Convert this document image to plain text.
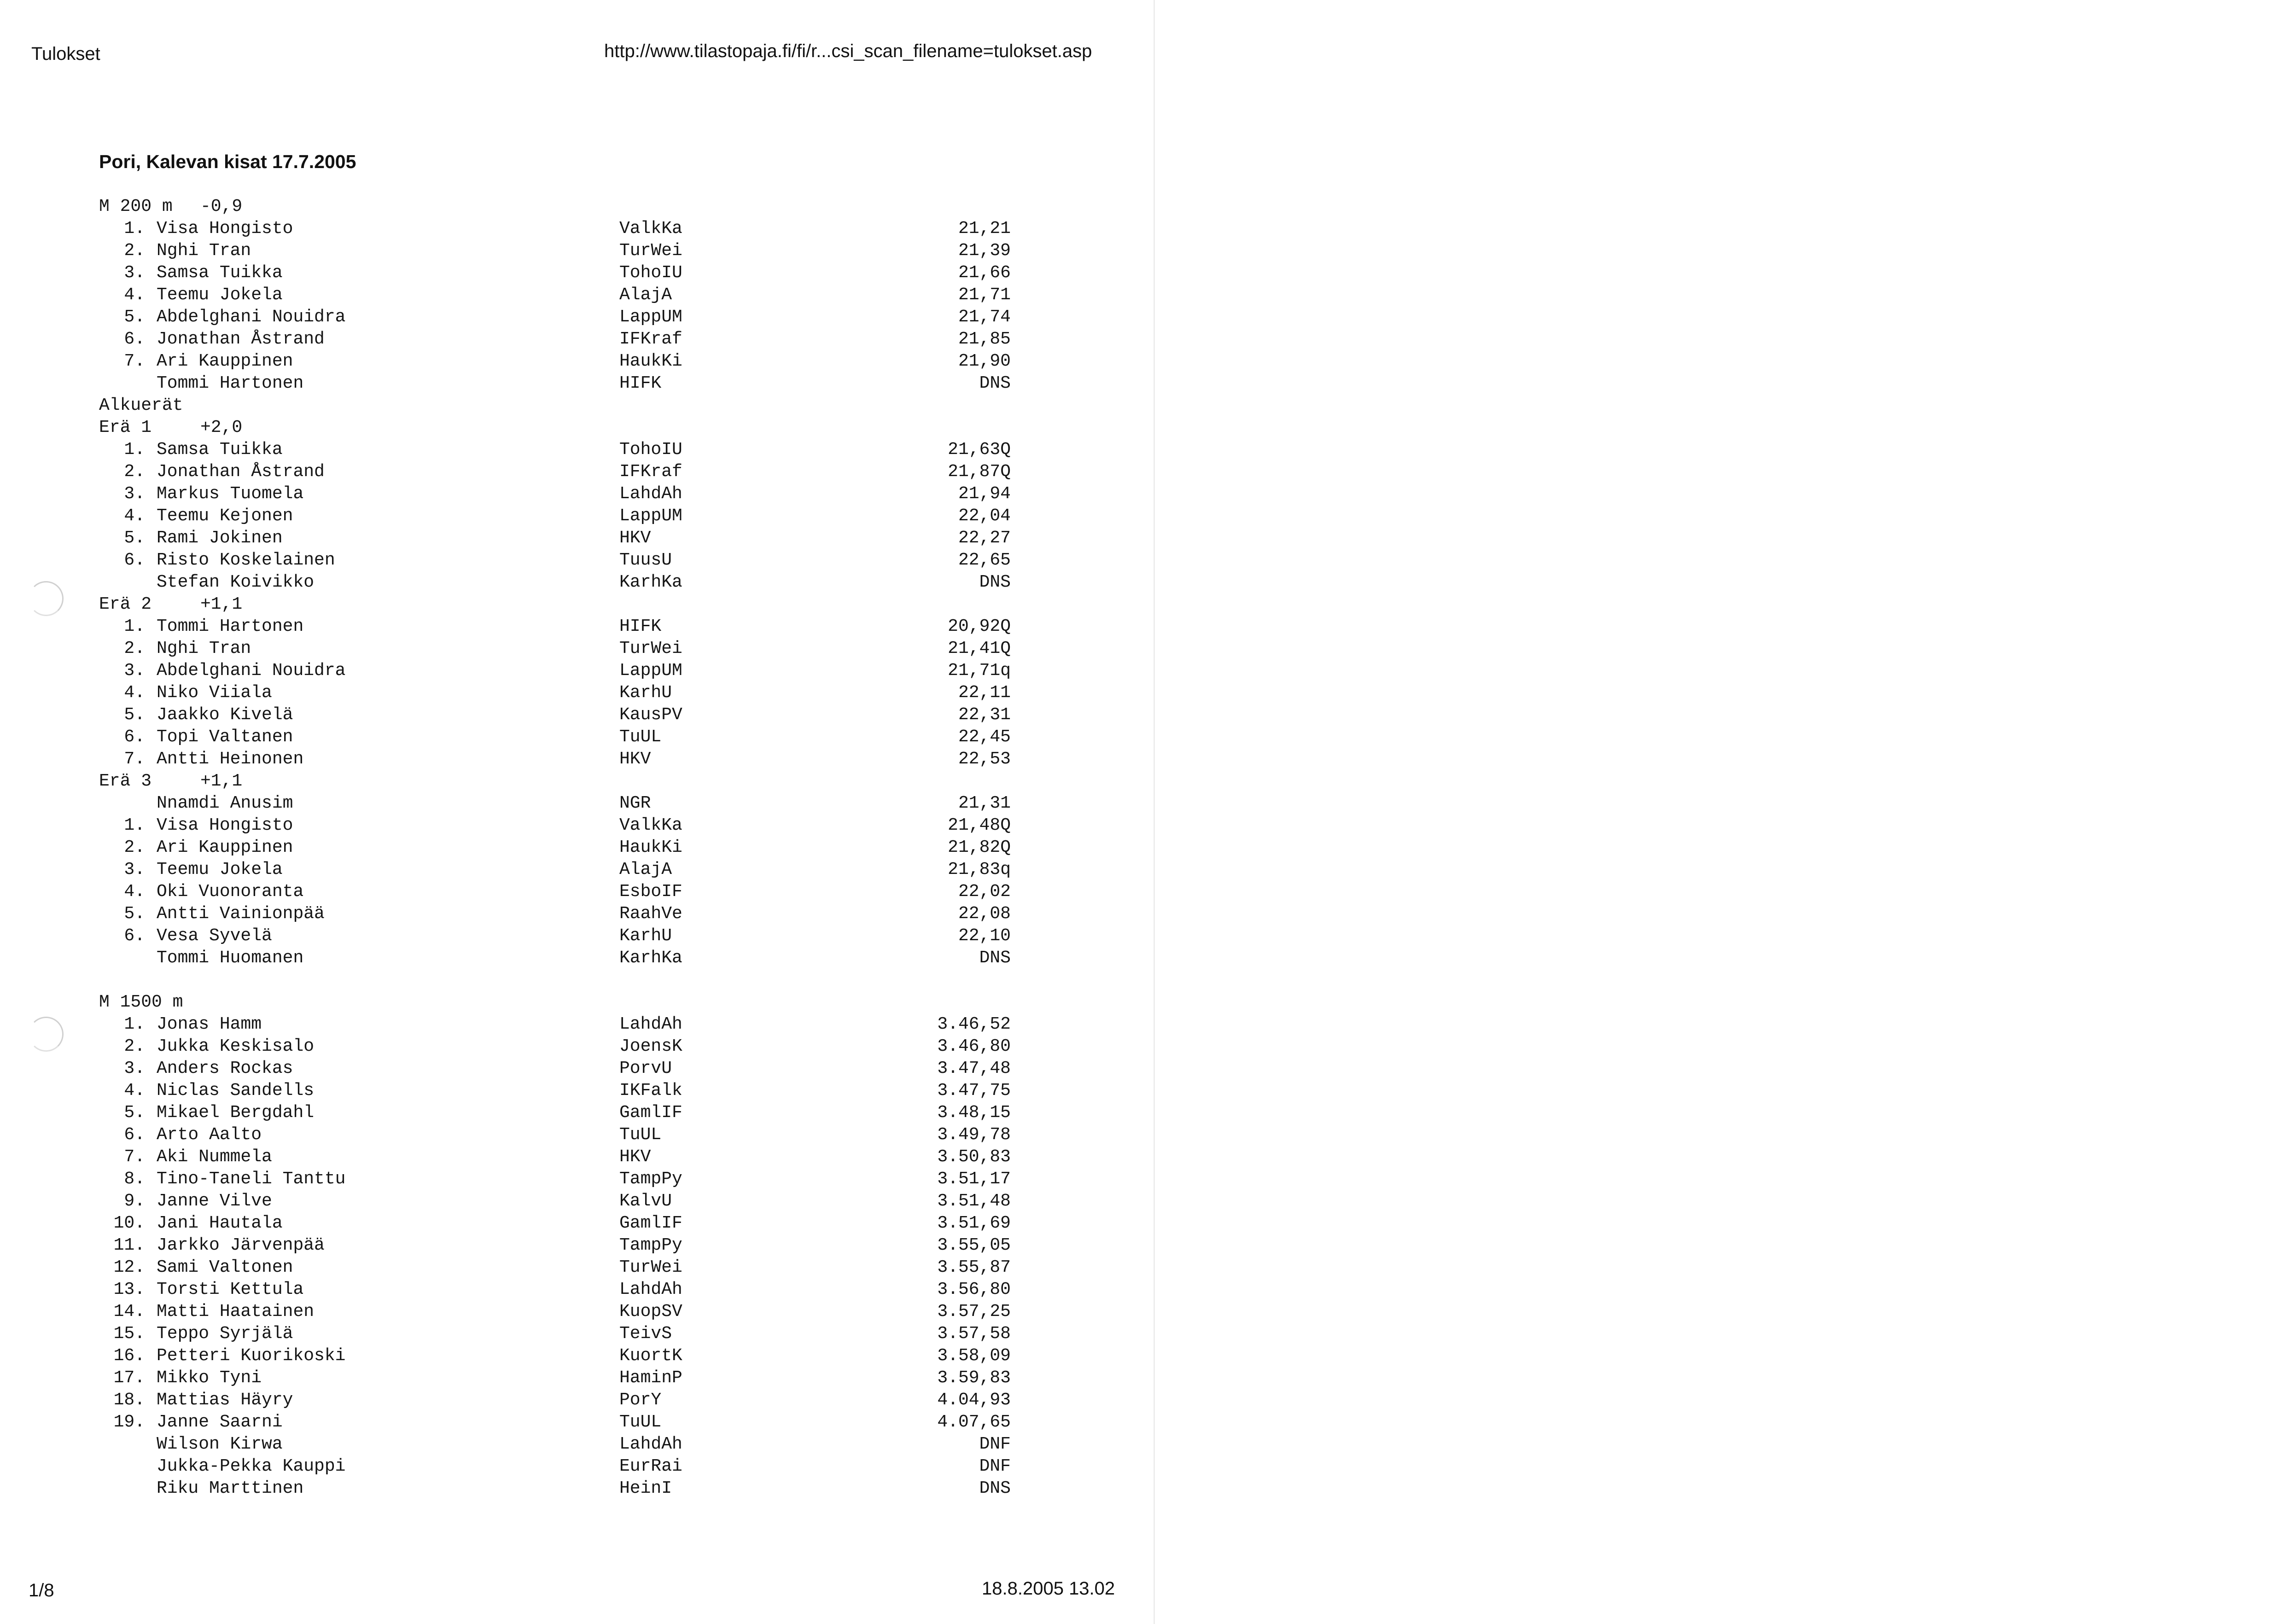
Tulokset	http://www.tilastopaja.fi/fi/r...csi_scan_filename=tulokset.asp
Pori, Kalevan kisat 17.7.2005
M 200 m -0,9
1. Visa Hongisto	ValkKa	21,21
2. Nghi Tran	TurWei	21,39
3. Samsa Tuikka	TohoIU	21,66
4. Teemu Jokela	AlajA	21,71
5. Abdelghani Nouidra	LappUM	21,74
6. Jonathan Åstrand	IFKraf	21,85
7. Ari Kauppinen	HaukKi	21,90
Tommi Hartonen	HIFK	DNS
Alkuerät
Erä 1	+2,0
1. Samsa Tuikka	TohoIU	21,63Q
2. Jonathan Åstrand	IFKraf	21,87Q
3. Markus Tuomela	LahdAh	21,94
4. Teemu Kejonen	LappUM	22,04
5. Rami Jokinen	HKV	22,27
6. Risto Koskelainen	TuusU	22,65
Stefan Koivikko	KarhKa	DNS
Erä 2	+1,1
1. Tommi Hartonen	HIFK	20,92Q
2. Nghi Tran	TurWei	21,41Q
3. Abdelghani Nouidra	LappUM	21,71q
4. Niko Viiala	KarhU	22,11
5. Jaakko Kivelä	KausPV	22,31
6. Topi Valtanen	TuUL	22,45
7. Antti Heinonen	HKV	22,53
Erä 3	+1,1
Nnamdi Anusim	NGR	21,31
1. Visa Hongisto	ValkKa	21,48Q
2. Ari Kauppinen	HaukKi	21,82Q
3. Teemu Jokela	AlajA	21,83q
4. Oki Vuonoranta	EsboIF	22,02
5. Antti Vainionpää	RaahVe	22,08
6. Vesa Syvelä	KarhU	22,10
Tommi Huomanen	KarhKa	DNS
M 1500 m
1. Jonas Hamm	LahdAh	3.46,52
2. Jukka Keskisalo	JoensK	3.46,80
3. Anders Rockas	PorvU	3.47,48
4. Niclas Sandells	IKFalk	3.47,75
5. Mikael Bergdahl	GamlIF	3.48,15
6. Arto Aalto	TuUL	3.49,78
7. Aki Nummela	HKV	3.50,83
8. Tino-Taneli Tanttu	TampPy	3.51,17
9. Janne Vilve	KalvU	3.51,48
10. Jani Hautala	GamlIF	3.51,69
11. Jarkko Järvenpää	TampPy	3.55,05
12. Sami Valtonen	TurWei	3.55,87
13. Torsti Kettula	LahdAh	3.56,80
14. Matti Haatainen	KuopSV	3.57,25
15. Teppo Syrjälä	TeivS	3.57,58
16. Petteri Kuorikoski	KuortK	3.58,09
17. Mikko Tyni	HaminP	3.59,83
18. Mattias Häyry	PorY	4.04,93
19. Janne Saarni	TuUL	4.07,65
Wilson Kirwa	LahdAh	DNF
Jukka-Pekka Kauppi	EurRai	DNF
Riku Marttinen	HeinI	DNS
1/8	18.8.2005 13.02
